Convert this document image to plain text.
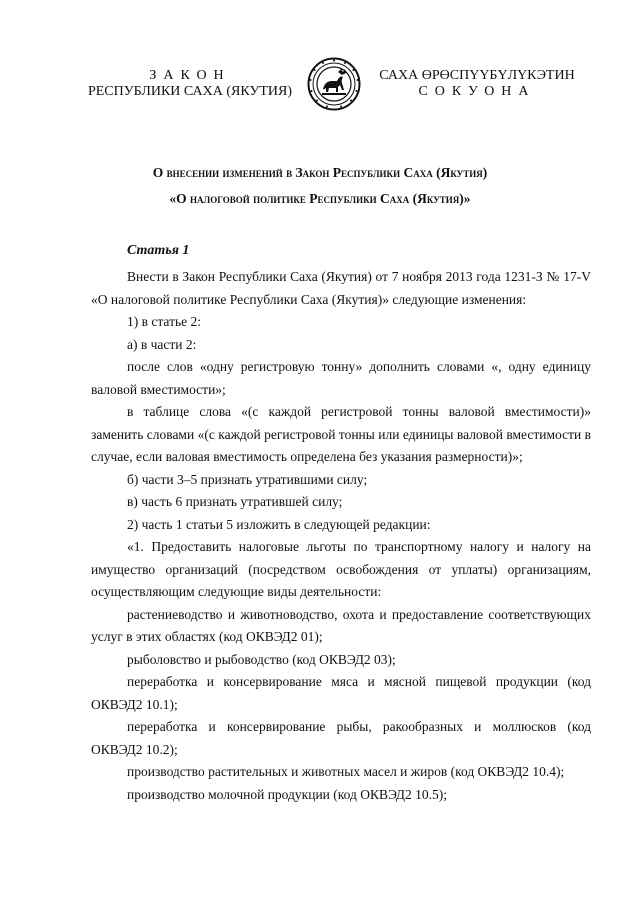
ЗАКОН
РЕСПУБЛИКИ САХА (ЯКУТИЯ)
САХА ӨРӨСПҮҮБҮЛҮКЭТИН
СОКУОНА
О внесении изменений в Закон Республики Саха (Якутия)
«О налоговой политике Республики Саха (Якутия)»
Статья 1

Внести в Закон Республики Саха (Якутия) от 7 ноября 2013 года 1231-З № 17-V «О налоговой политике Республики Саха (Якутия)» следующие изменения:

1) в статье 2:

а) в части 2:

после слов «одну регистровую тонну» дополнить словами «, одну единицу валовой вместимости»;

в таблице слова «(с каждой регистровой тонны валовой вместимости)» заменить словами «(с каждой регистровой тонны или единицы валовой вместимости в случае, если валовая вместимость определена без указания размерности)»;

б) части 3–5 признать утратившими силу;

в) часть 6 признать утратившей силу;

2) часть 1 статьи 5 изложить в следующей редакции:

«1. Предоставить налоговые льготы по транспортному налогу и налогу на имущество организаций (посредством освобождения от уплаты) организациям, осуществляющим следующие виды деятельности:

растениеводство и животноводство, охота и предоставление соответствующих услуг в этих областях (код ОКВЭД2 01);

рыболовство и рыбоводство (код ОКВЭД2 03);

переработка и консервирование мяса и мясной пищевой продукции (код ОКВЭД2 10.1);

переработка и консервирование рыбы, ракообразных и моллюсков (код ОКВЭД2 10.2);

производство растительных и животных масел и жиров (код ОКВЭД2 10.4);

производство молочной продукции (код ОКВЭД2 10.5);
